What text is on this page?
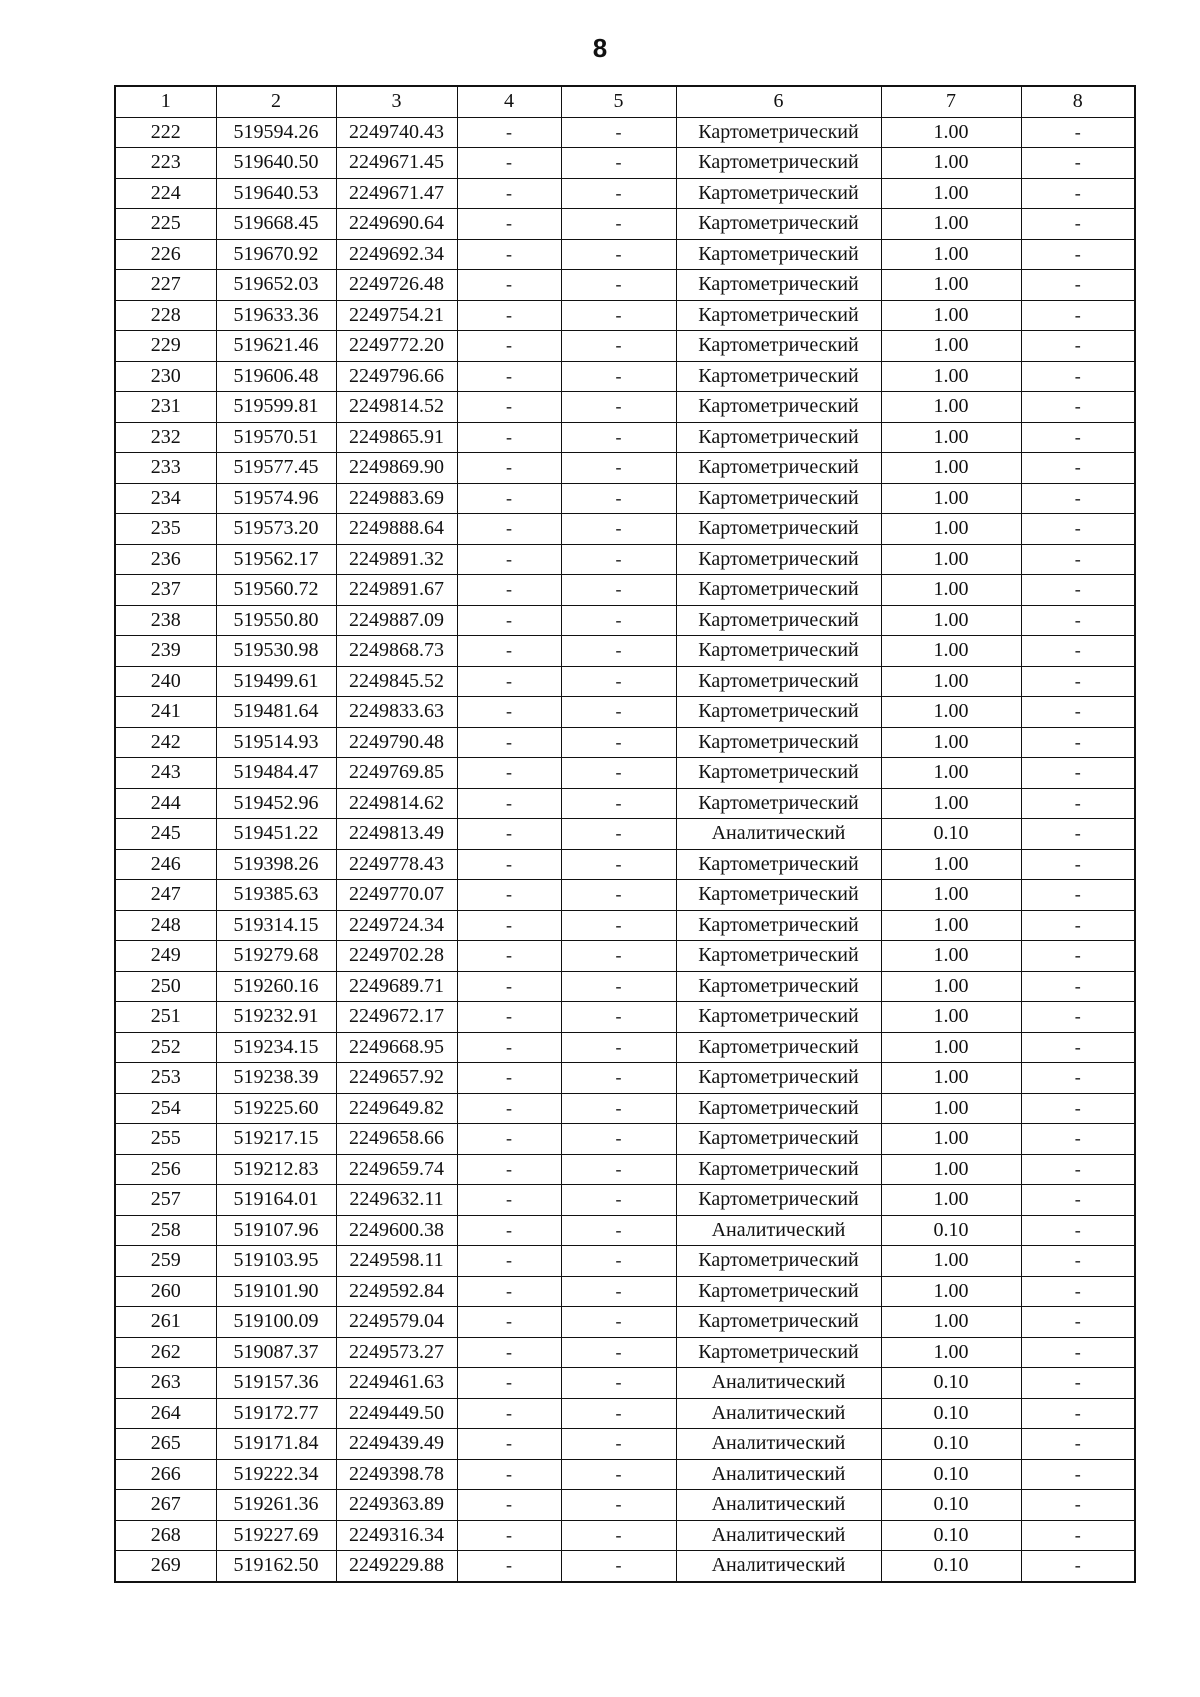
8
1	2	3	4	5	6	7	8
222	519594.26	2249740.43	-	-	Картометрический	1.00	-
223	519640.50	2249671.45	-	-	Картометрический	1.00	-
224	519640.53	2249671.47	-	-	Картометрический	1.00	-
225	519668.45	2249690.64	-	-	Картометрический	1.00	-
226	519670.92	2249692.34	-	-	Картометрический	1.00	-
227	519652.03	2249726.48	-	-	Картометрический	1.00	-
228	519633.36	2249754.21	-	-	Картометрический	1.00	-
229	519621.46	2249772.20	-	-	Картометрический	1.00	-
230	519606.48	2249796.66	-	-	Картометрический	1.00	-
231	519599.81	2249814.52	-	-	Картометрический	1.00	-
232	519570.51	2249865.91	-	-	Картометрический	1.00	-
233	519577.45	2249869.90	-	-	Картометрический	1.00	-
234	519574.96	2249883.69	-	-	Картометрический	1.00	-
235	519573.20	2249888.64	-	-	Картометрический	1.00	-
236	519562.17	2249891.32	-	-	Картометрический	1.00	-
237	519560.72	2249891.67	-	-	Картометрический	1.00	-
238	519550.80	2249887.09	-	-	Картометрический	1.00	-
239	519530.98	2249868.73	-	-	Картометрический	1.00	-
240	519499.61	2249845.52	-	-	Картометрический	1.00	-
241	519481.64	2249833.63	-	-	Картометрический	1.00	-
242	519514.93	2249790.48	-	-	Картометрический	1.00	-
243	519484.47	2249769.85	-	-	Картометрический	1.00	-
244	519452.96	2249814.62	-	-	Картометрический	1.00	-
245	519451.22	2249813.49	-	-	Аналитический	0.10	-
246	519398.26	2249778.43	-	-	Картометрический	1.00	-
247	519385.63	2249770.07	-	-	Картометрический	1.00	-
248	519314.15	2249724.34	-	-	Картометрический	1.00	-
249	519279.68	2249702.28	-	-	Картометрический	1.00	-
250	519260.16	2249689.71	-	-	Картометрический	1.00	-
251	519232.91	2249672.17	-	-	Картометрический	1.00	-
252	519234.15	2249668.95	-	-	Картометрический	1.00	-
253	519238.39	2249657.92	-	-	Картометрический	1.00	-
254	519225.60	2249649.82	-	-	Картометрический	1.00	-
255	519217.15	2249658.66	-	-	Картометрический	1.00	-
256	519212.83	2249659.74	-	-	Картометрический	1.00	-
257	519164.01	2249632.11	-	-	Картометрический	1.00	-
258	519107.96	2249600.38	-	-	Аналитический	0.10	-
259	519103.95	2249598.11	-	-	Картометрический	1.00	-
260	519101.90	2249592.84	-	-	Картометрический	1.00	-
261	519100.09	2249579.04	-	-	Картометрический	1.00	-
262	519087.37	2249573.27	-	-	Картометрический	1.00	-
263	519157.36	2249461.63	-	-	Аналитический	0.10	-
264	519172.77	2249449.50	-	-	Аналитический	0.10	-
265	519171.84	2249439.49	-	-	Аналитический	0.10	-
266	519222.34	2249398.78	-	-	Аналитический	0.10	-
267	519261.36	2249363.89	-	-	Аналитический	0.10	-
268	519227.69	2249316.34	-	-	Аналитический	0.10	-
269	519162.50	2249229.88	-	-	Аналитический	0.10	-
